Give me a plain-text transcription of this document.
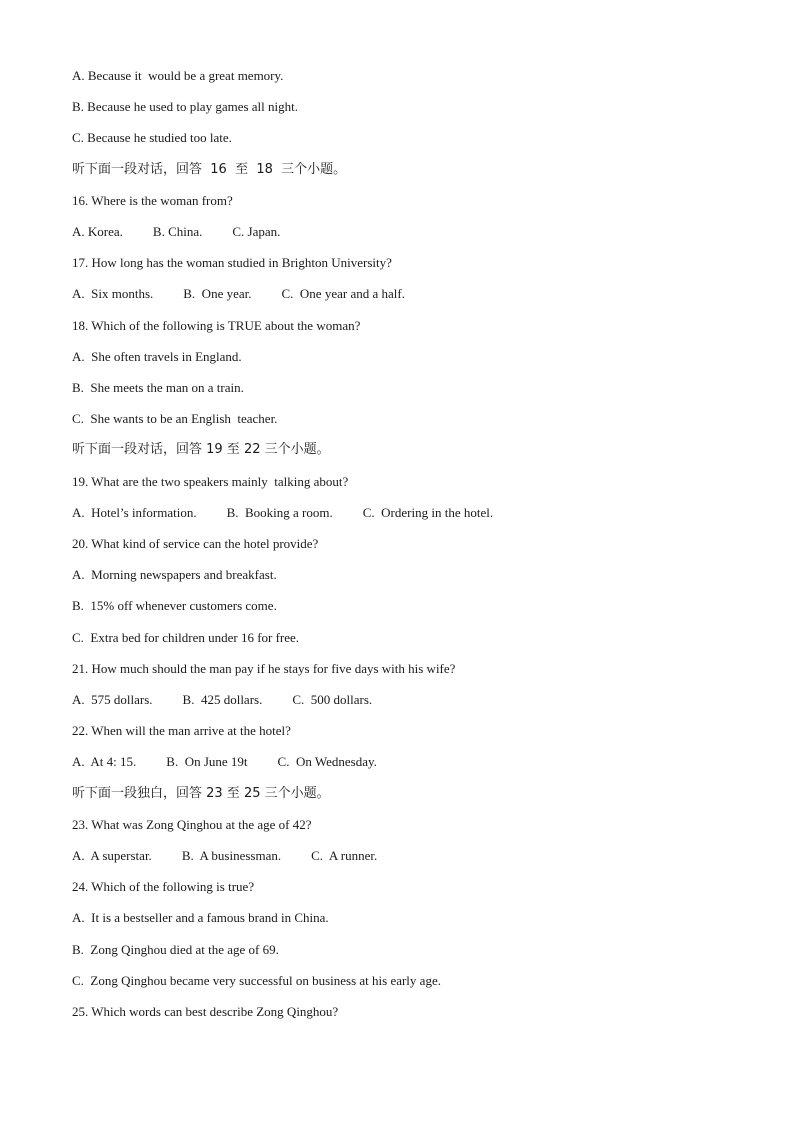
A. Because it  would be a great memory.
B. Because he used to play games all night.
C. Because he studied too late.
听下面一段对话，回答  16  至  18  三个小题。
16. Where is the woman from?
A. Korea. B. China. C. Japan.
17. How long has the woman studied in Brighton University?
A.  Six months. B.  One year. C.  One year and a half.
18. Which of the following is TRUE about the woman?
A.  She often travels in England.
B.  She meets the man on a train.
C.  She wants to be an English  teacher.
听下面一段对话，回答 19 至 22 三个小题。
19. What are the two speakers mainly  talking about?
A.  Hotel’s information. B.  Booking a room. C.  Ordering in the hotel.
20. What kind of service can the hotel provide?
A.  Morning newspapers and breakfast.
B.  15% off whenever customers come.
C.  Extra bed for children under 16 for free.
21. How much should the man pay if he stays for five days with his wife?
A.  575 dollars. B.  425 dollars. C.  500 dollars.
22. When will the man arrive at the hotel?
A.  At 4: 15. B.  On June 19t C.  On Wednesday.
听下面一段独白，回答 23 至 25 三个小题。
23. What was Zong Qinghou at the age of 42?
A.  A superstar. B.  A businessman. C.  A runner.
24. Which of the following is true?
A.  It is a bestseller and a famous brand in China.
B.  Zong Qinghou died at the age of 69.
C.  Zong Qinghou became very successful on business at his early age.
25. Which words can best describe Zong Qinghou?
